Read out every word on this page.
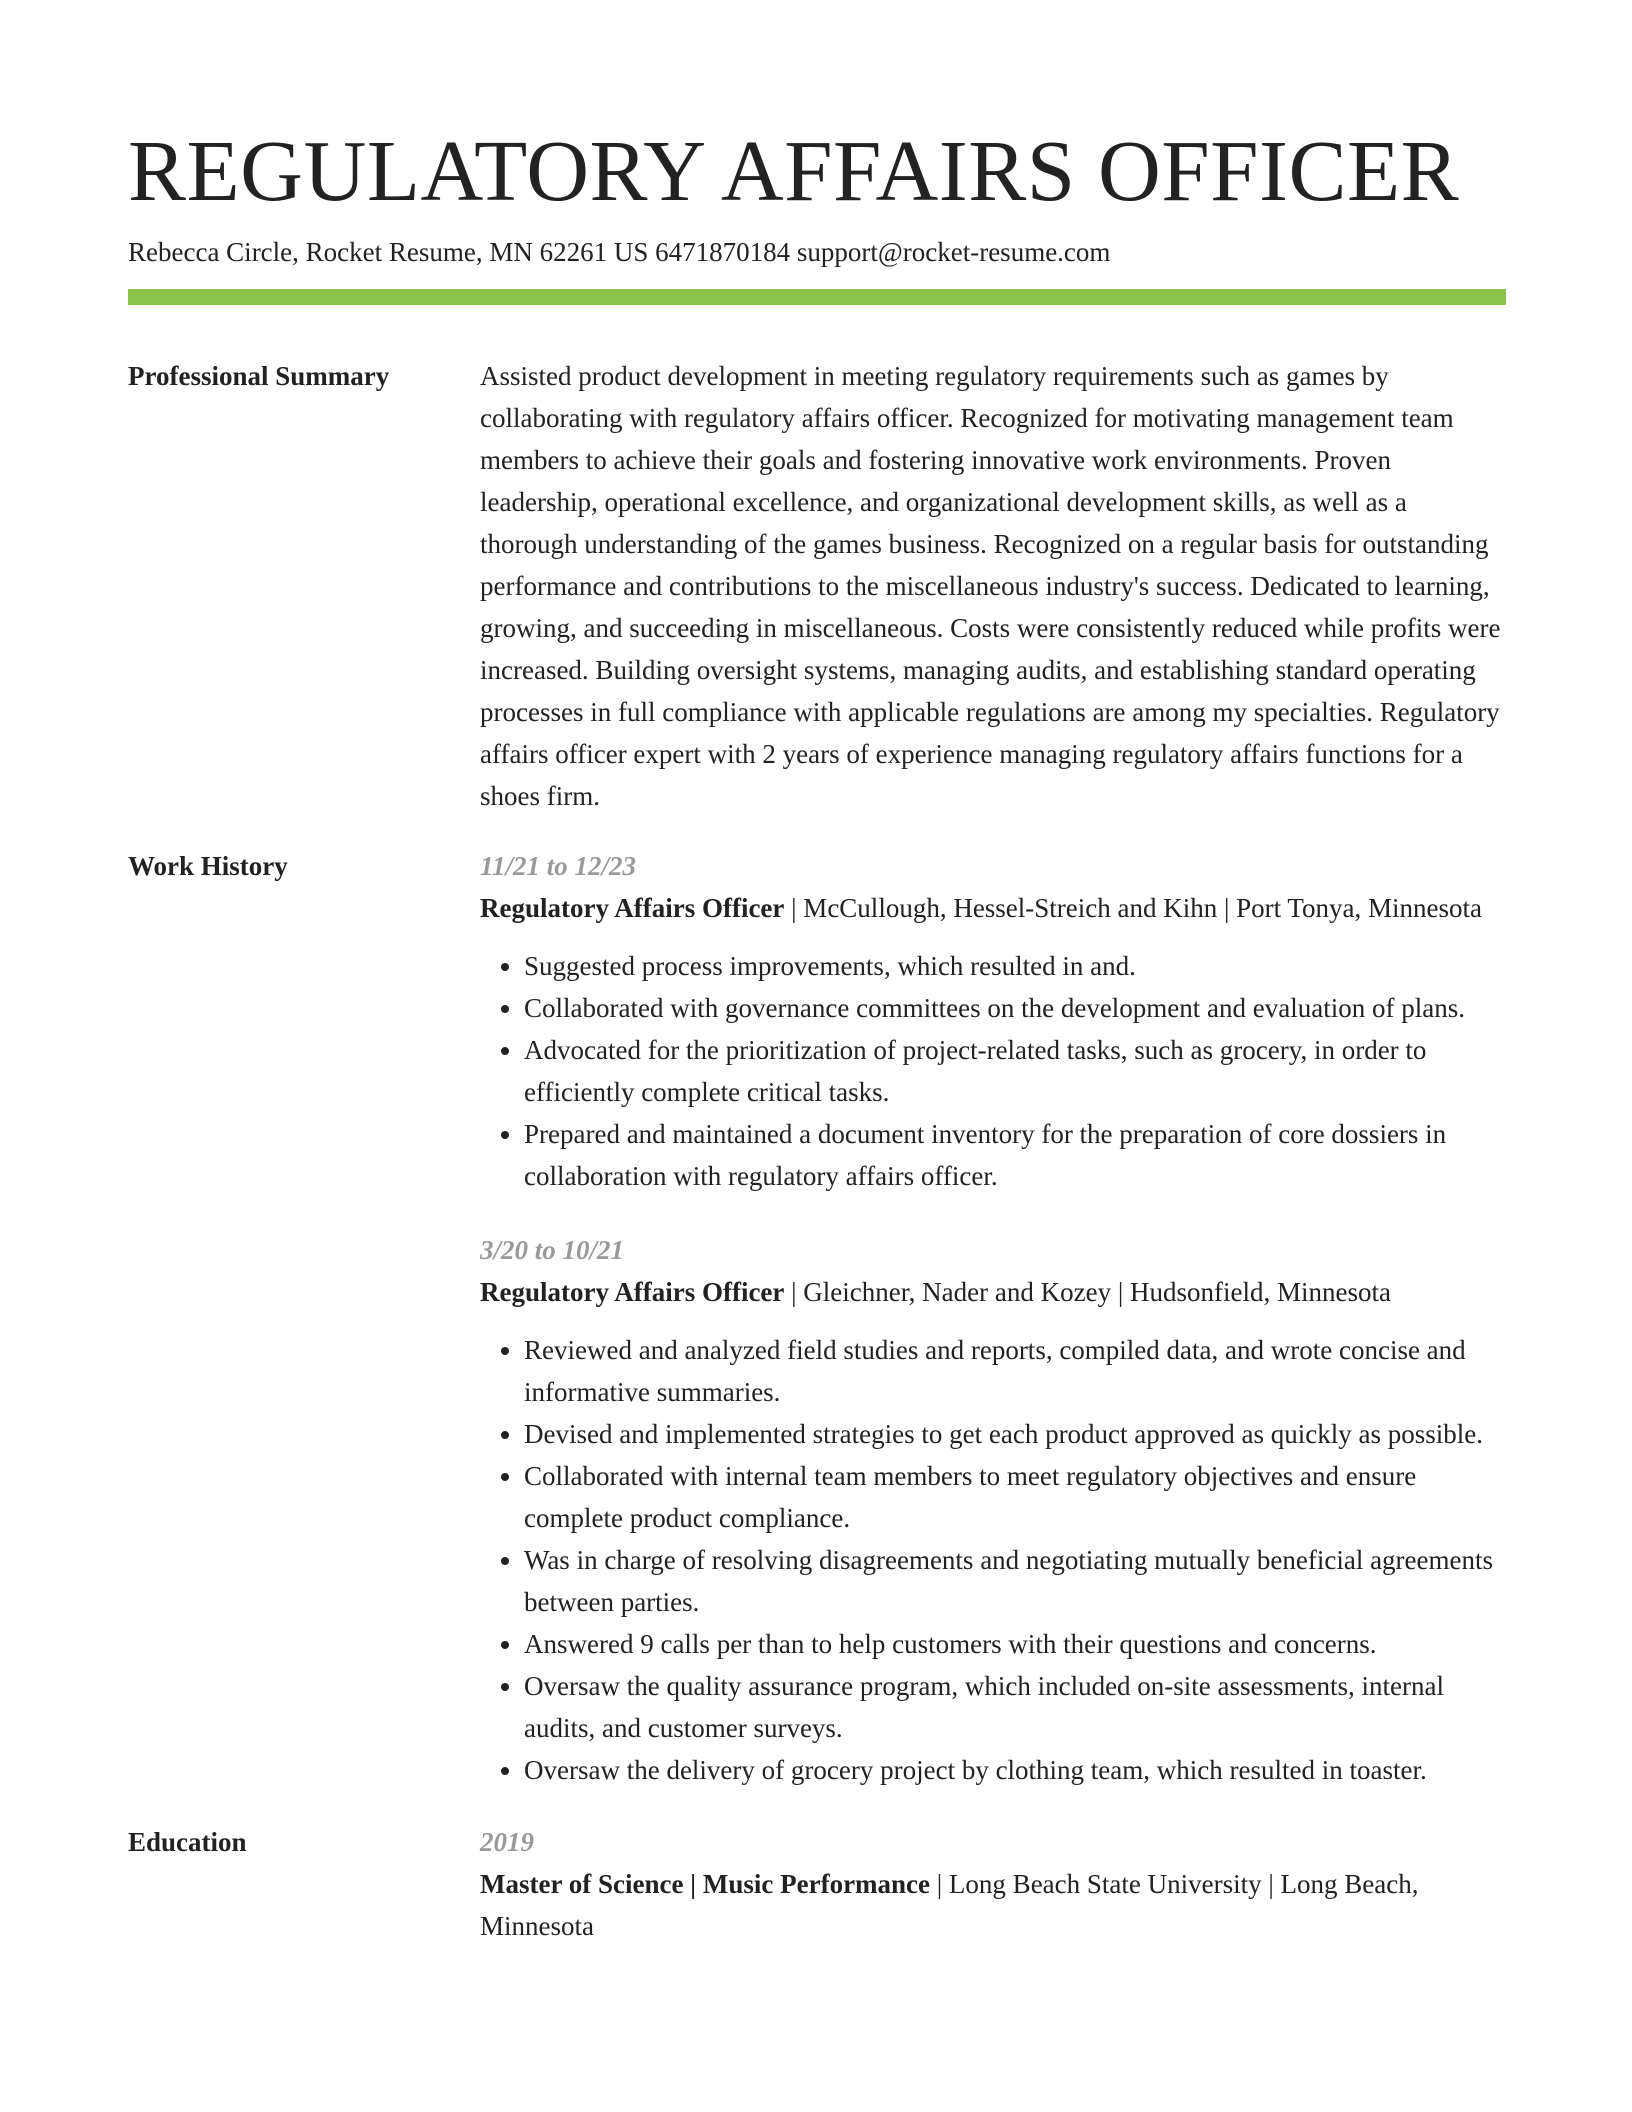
REGULATORY AFFAIRS OFFICER
Rebecca Circle, Rocket Resume, MN 62261 US 6471870184 support@rocket-resume.com
Professional Summary	Assisted product development in meeting regulatory requirements such as games by collaborating with regulatory affairs officer. Recognized for motivating management team members to achieve their goals and fostering innovative work environments. Proven leadership, operational excellence, and organizational development skills, as well as a thorough understanding of the games business. Recognized on a regular basis for outstanding performance and contributions to the miscellaneous industry's success. Dedicated to learning, growing, and succeeding in miscellaneous. Costs were consistently reduced while profits were increased. Building oversight systems, managing audits, and establishing standard operating processes in full compliance with applicable regulations are among my specialties. Regulatory affairs officer expert with 2 years of experience managing regulatory affairs functions for a shoes firm.

Work History	11/21 to 12/23

Regulatory Affairs Officer | McCullough, Hessel-Streich and Kihn | Port Tonya, Minnesota

• Suggested process improvements, which resulted in and.
• Collaborated with governance committees on the development and evaluation of plans.
• Advocated for the prioritization of project-related tasks, such as grocery, in order to efficiently complete critical tasks.
• Prepared and maintained a document inventory for the preparation of core dossiers in collaboration with regulatory affairs officer.
3/20 to 10/21

Regulatory Affairs Officer | Gleichner, Nader and Kozey | Hudsonfield, Minnesota

• Reviewed and analyzed field studies and reports, compiled data, and wrote concise and informative summaries.
• Devised and implemented strategies to get each product approved as quickly as possible.
• Collaborated with internal team members to meet regulatory objectives and ensure complete product compliance.
• Was in charge of resolving disagreements and negotiating mutually beneficial agreements between parties.
• Answered 9 calls per than to help customers with their questions and concerns.
• Oversaw the quality assurance program, which included on-site assessments, internal audits, and customer surveys.
• Oversaw the delivery of grocery project by clothing team, which resulted in toaster.
Education	2019

Master of Science | Music Performance | Long Beach State University | Long Beach, Minnesota
